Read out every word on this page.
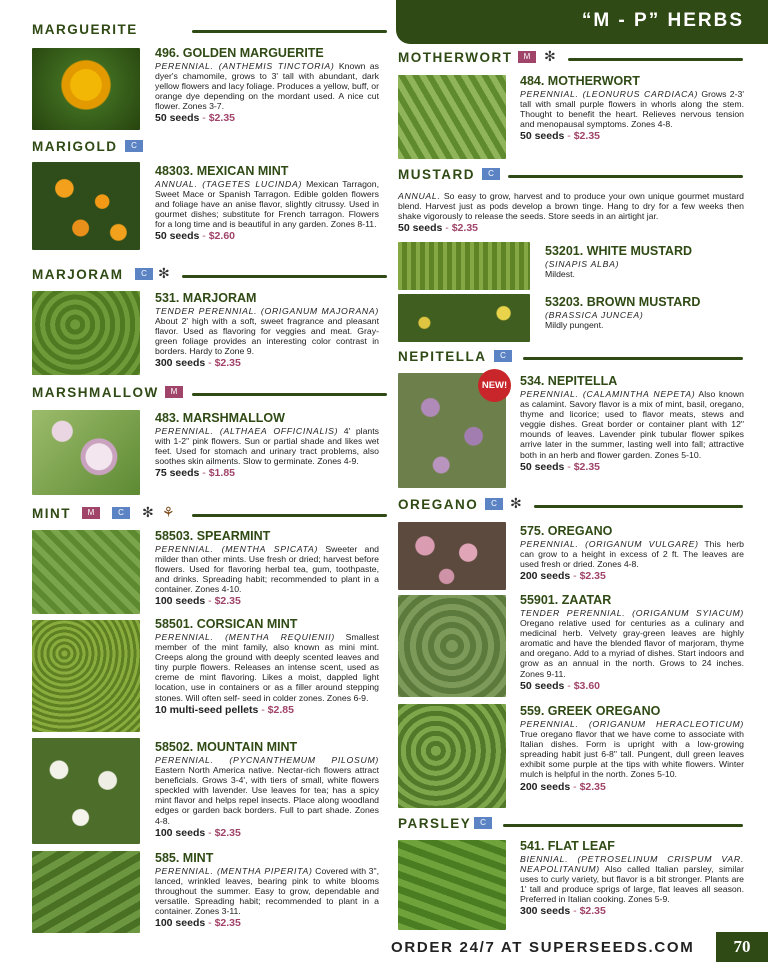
“M - P” HERBS
MARGUERITE
496. GOLDEN MARGUERITE
PERENNIAL. (ANTHEMIS TINCTORIA) Known as dyer's chamomile, grows to 3' tall with abundant, dark yellow flowers and lacy foliage. Produces a yellow, buff, or orange dye depending on the mordant used. A nice cut flower. Zones 3-7.
50 seeds - $2.35
MARIGOLD	C
48303. MEXICAN MINT
ANNUAL. (TAGETES LUCINDA) Mexican Tarragon, Sweet Mace or Spanish Tarragon. Edible golden flowers and foliage have an anise flavor, slightly citrussy. Used in gourmet dishes; substitute for French tarragon. Flowers for a long time and is beautiful in any garden. Zones 8-11.
50 seeds - $2.60
MARJORAM	C ✻
531. MARJORAM
TENDER PERENNIAL. (ORIGANUM MAJORANA) About 2' high with a soft, sweet fragrance and pleasant flavor. Used as flavoring for veggies and meat. Gray-green foliage provides an interesting color contrast in borders. Hardy to Zone 9.
300 seeds - $2.35
MARSHMALLOW	M
483. MARSHMALLOW
PERENNIAL. (ALTHAEA OFFICINALIS) 4' plants with 1-2" pink flowers. Sun or partial shade and likes wet feet. Used for stomach and urinary tract problems, also soothes skin ailments. Slow to germinate. Zones 4-9.
75 seeds - $1.85
MINT	M	C	✻ ⚘
58503. SPEARMINT
PERENNIAL. (MENTHA SPICATA) Sweeter and milder than other mints. Use fresh or dried; harvest before flowers. Used for flavoring herbal tea, gum, toothpaste, and drinks. Spreading habit; recommended to plant in a container. Zones 4-10.
100 seeds - $2.35
58501. CORSICAN MINT
PERENNIAL. (MENTHA REQUIENII) Smallest member of the mint family, also known as mini mint. Creeps along the ground with deeply scented leaves and tiny purple flowers. Releases an intense scent, used as creme de mint flavoring. Likes a moist, dappled light location, use in containers or as a filler around stepping stones. Will often self- seed in colder zones. Zones 6-9.
10 multi-seed pellets - $2.85
58502. MOUNTAIN MINT
PERENNIAL. (PYCNANTHEMUM PILOSUM) Eastern North America native. Nectar-rich flowers attract beneficials. Grows 3-4', with tiers of small, white flowers speckled with lavender. Use leaves for tea; has a spicy mint flavor and helps repel insects. Place along woodland edges or garden back borders. Full to part shade. Zones 4-8.
100 seeds - $2.35
585. MINT
PERENNIAL. (MENTHA PIPERITA) Covered with 3", lanced, wrinkled leaves, bearing pink to white blooms throughout the summer. Easy to grow, dependable and versatile. Spreading habit; recommended to plant in a container. Zones 3-11.
100 seeds - $2.35
MOTHERWORT	M ✻
484. MOTHERWORT
PERENNIAL. (LEONURUS CARDIACA) Grows 2-3' tall with small purple flowers in whorls along the stem. Thought to benefit the heart. Relieves nervous tension and menopausal symptoms. Zones 4-8.
50 seeds - $2.35
MUSTARD	C
ANNUAL. So easy to grow, harvest and to produce your own unique gourmet mustard blend. Harvest just as pods develop a brown tinge. Hang to dry for a few weeks then shake vigorously to release the seeds. Store seeds in an airtight jar.
50 seeds - $2.35
53201. WHITE MUSTARD
(SINAPIS ALBA)
Mildest.
53203. BROWN MUSTARD
(BRASSICA JUNCEA)
Mildly pungent.
NEPITELLA	C
NEW!	534. NEPITELLA
PERENNIAL. (CALAMINTHA NEPETA) Also known as calamint. Savory flavor is a mix of mint, basil, oregano, thyme and licorice; used to flavor meats, stews and veggie dishes. Great border or container plant with 12" mounds of leaves. Lavender pink tubular flower spikes arrive later in the summer, lasting well into fall; attractive both in an herb and flower garden. Zones 5-10.
50 seeds - $2.35
OREGANO	C ✻
575. OREGANO
PERENNIAL. (ORIGANUM VULGARE) This herb can grow to a height in excess of 2 ft. The leaves are used fresh or dried. Zones 4-8.
200 seeds - $2.35
55901. ZAATAR
TENDER PERENNIAL. (ORIGANUM SYIACUM) Oregano relative used for centuries as a culinary and medicinal herb. Velvety gray-green leaves are highly aromatic and have the blended flavor of marjoram, thyme and oregano. Add to a myriad of dishes. Start indoors and grow as an annual in the north. Grows to 24 inches. Zones 9-11.
50 seeds - $3.60
559. GREEK OREGANO
PERENNIAL. (ORIGANUM HERACLEOTICUM) True oregano flavor that we have come to associate with Italian dishes. Form is upright with a low-growing spreading habit just 6-8" tall. Pungent, dull green leaves exhibit some purple at the tips with white flowers. Winter mulch is helpful in the north. Zones 5-10.
200 seeds - $2.35
PARSLEY	C
541. FLAT LEAF
BIENNIAL. (PETROSELINUM CRISPUM VAR. NEAPOLITANUM) Also called Italian parsley, similar uses to curly variety, but flavor is a bit stronger. Plants are 1' tall and produce sprigs of large, flat leaves all season. Preferred in Italian cooking. Zones 5-9.
300 seeds - $2.35
ORDER 24/7 AT SUPERSEEDS.COM	70
